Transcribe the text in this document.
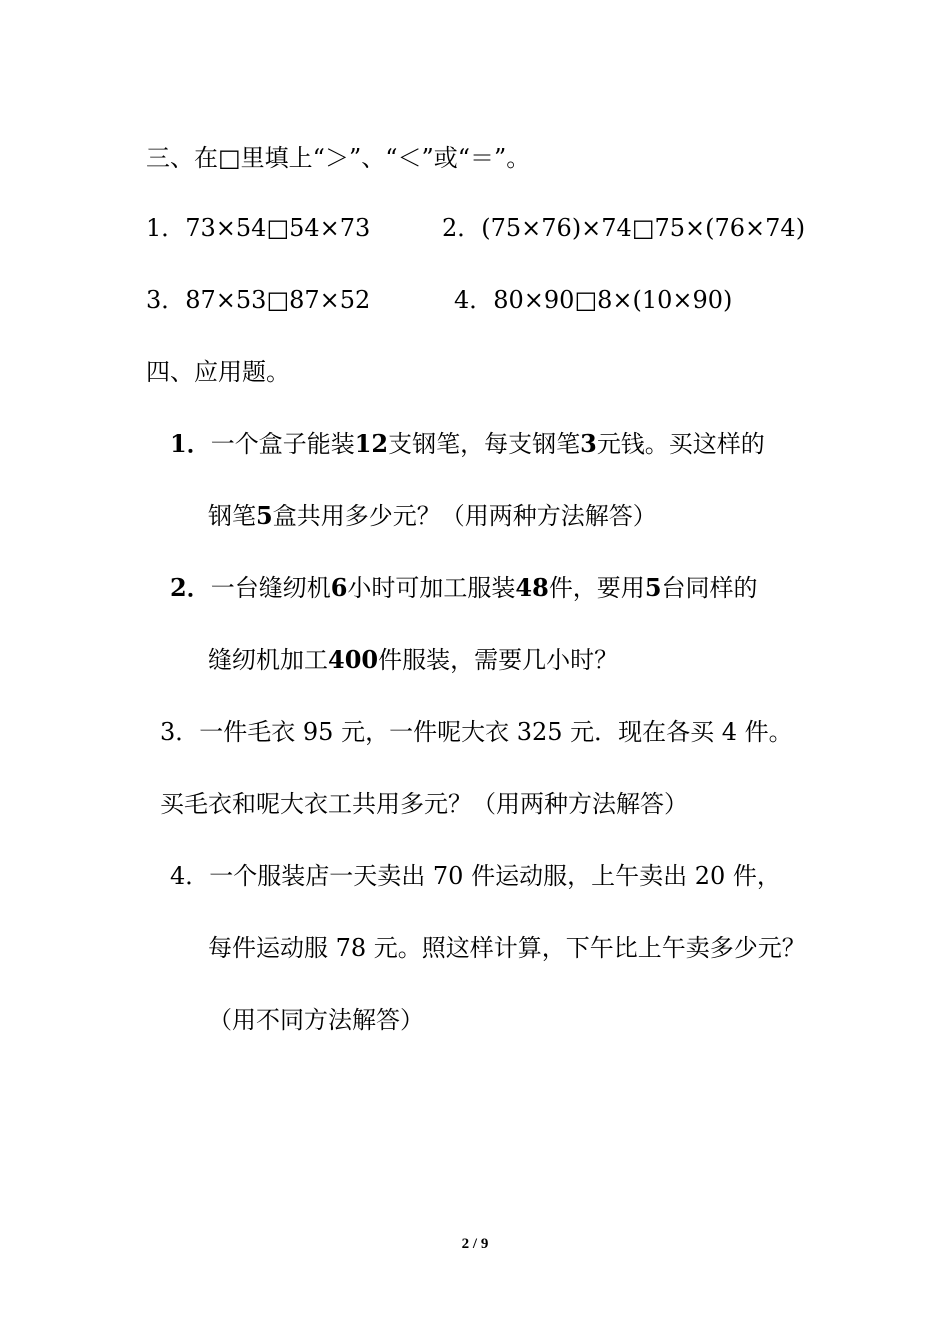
三、在□里填上“＞”、“＜”或“＝”。
1．73×54□54×73	2．(75×76)×74□75×(76×74)
3．87×53□87×52	4．80×90□8×(10×90)
四、应用题。
1．一个盒子能装12支钢笔，每支钢笔3元钱。买这样的
钢笔5盒共用多少元？（用两种方法解答）
2．一台缝纫机6小时可加工服装48件，要用5台同样的
缝纫机加工400件服装，需要几小时？
3．一件毛衣 95 元，一件呢大衣 325 元．现在各买 4 件。
买毛衣和呢大衣工共用多元？（用两种方法解答）
4．一个服装店一天卖出 70 件运动服，上午卖出 20 件，
每件运动服 78 元。照这样计算，下午比上午卖多少元？
（用不同方法解答）
2 / 9
